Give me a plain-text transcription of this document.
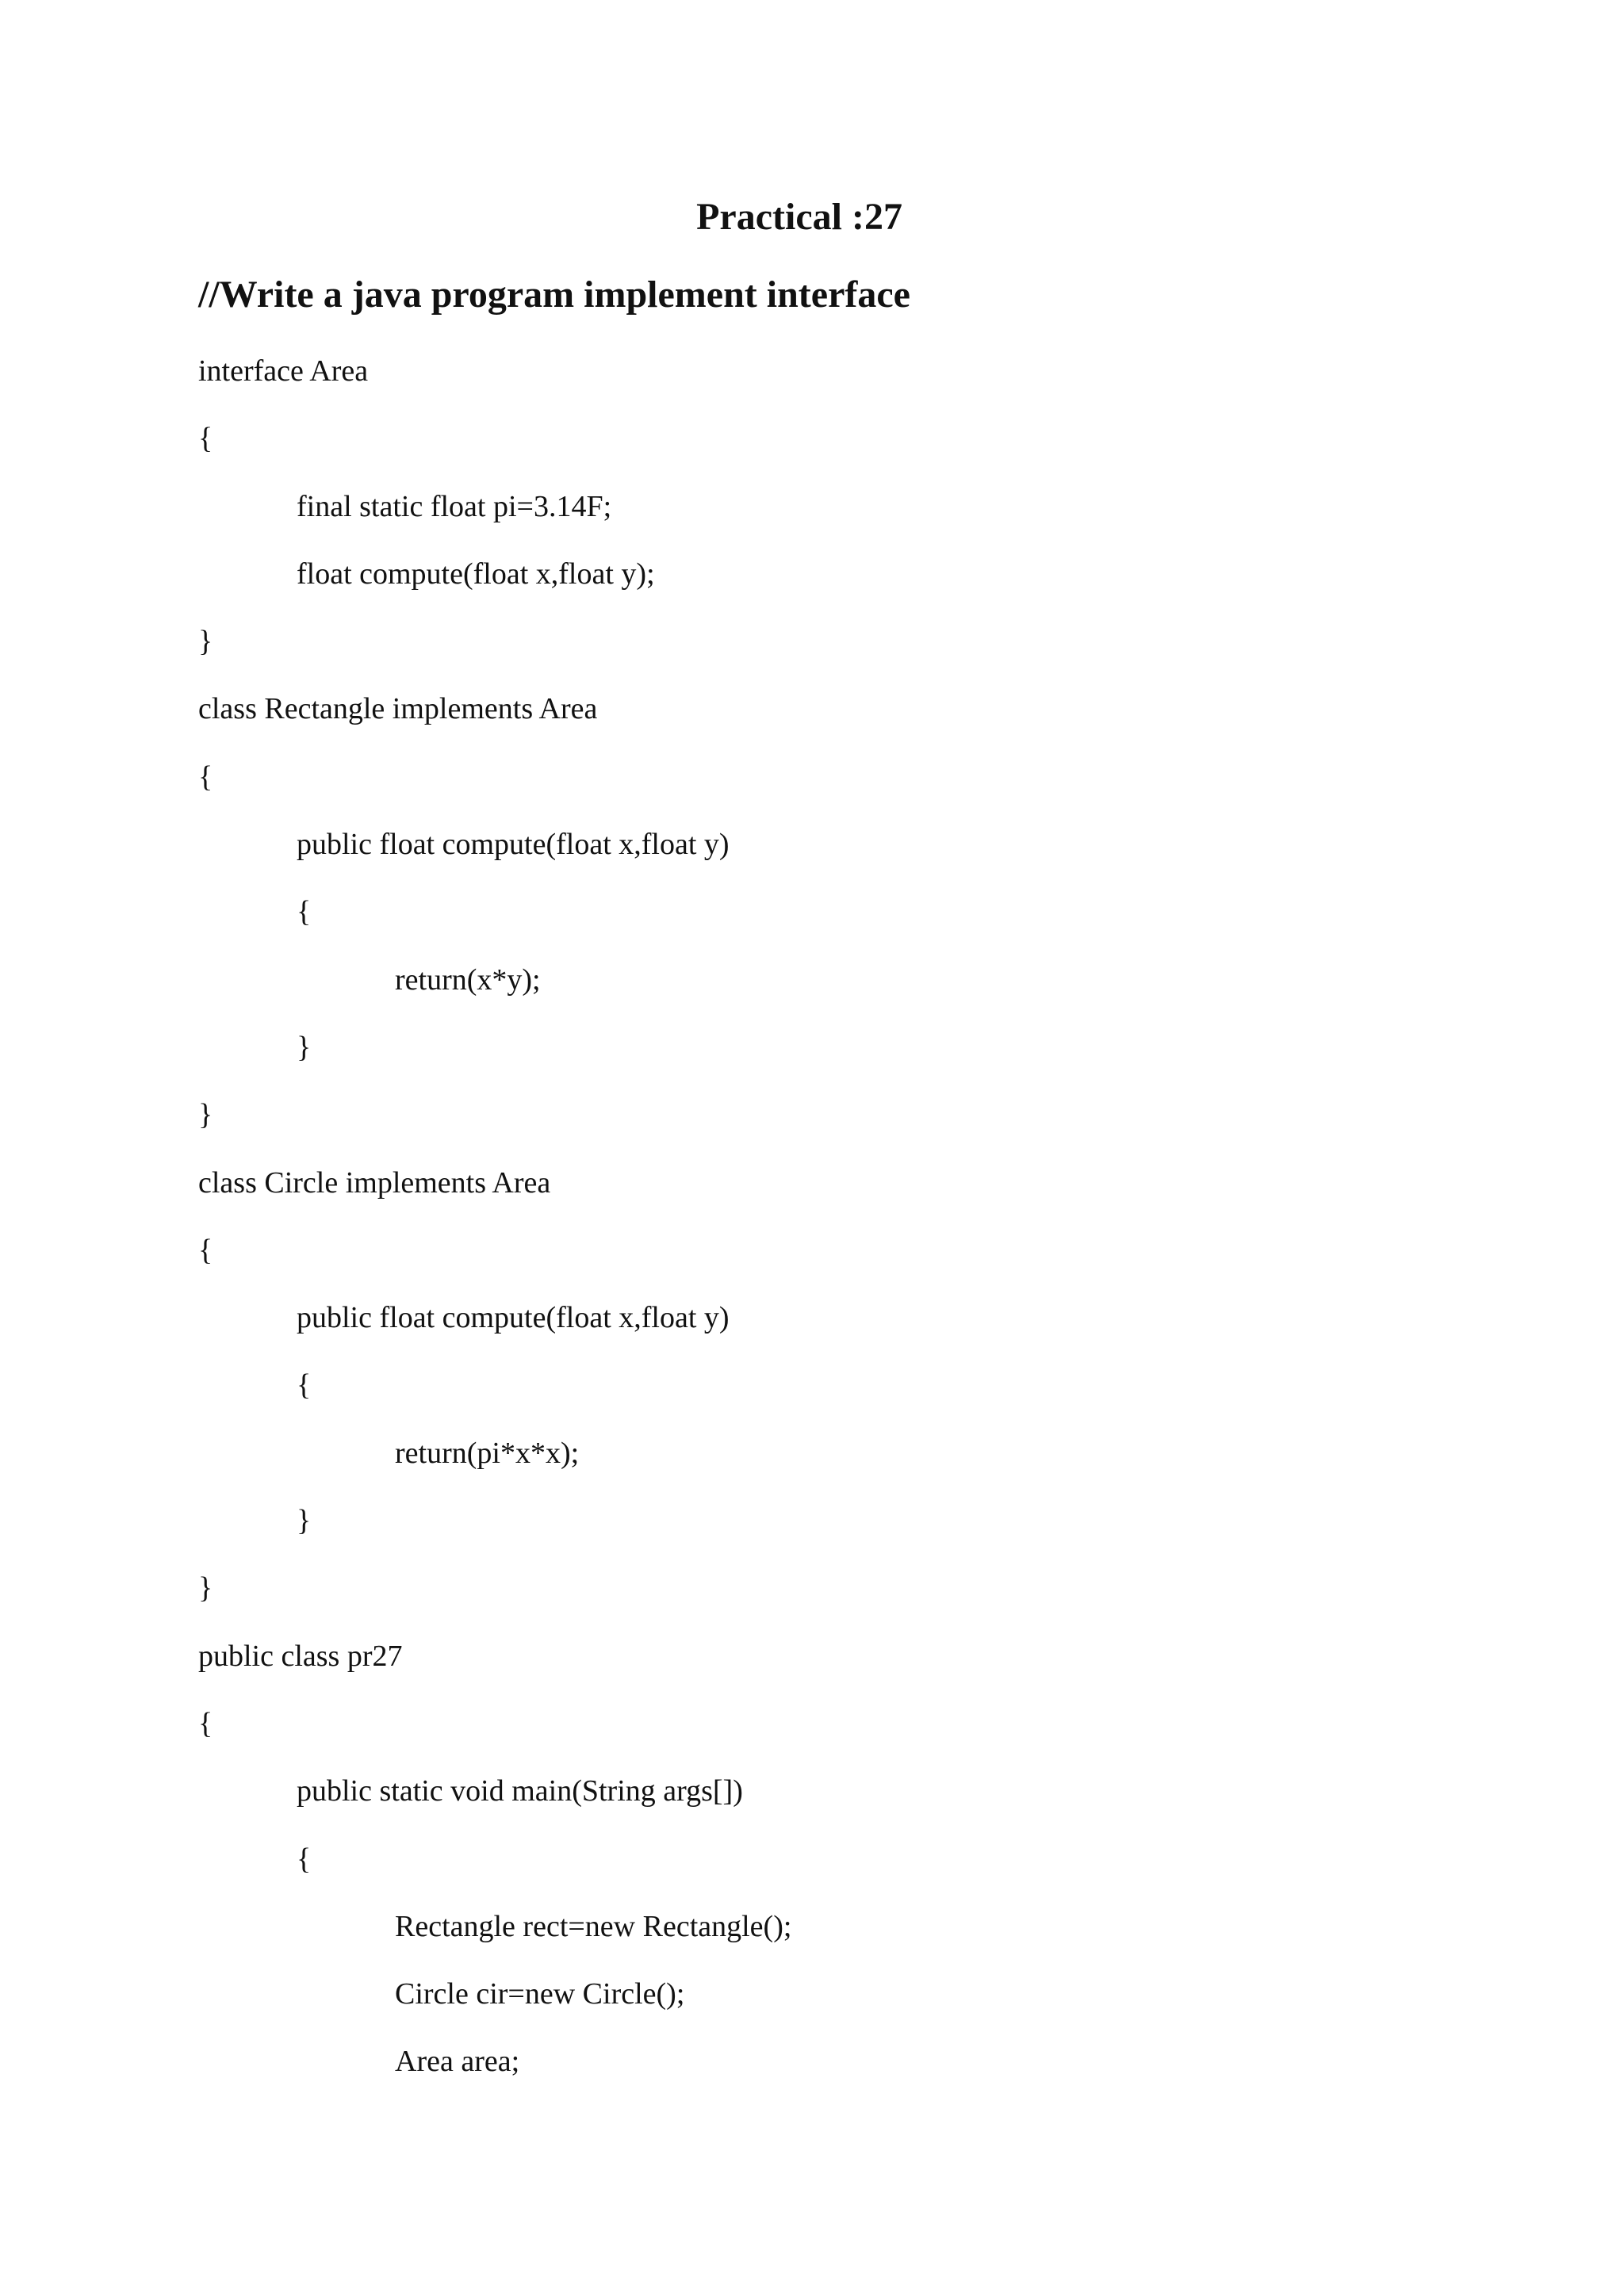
Practical :27
//Write a java program implement interface
interface Area
{
final static float pi=3.14F;
float compute(float x,float y);
}
class Rectangle implements Area
{
public float compute(float x,float y)
{
return(x*y);
}
}
class Circle implements Area
{
public float compute(float x,float y)
{
return(pi*x*x);
}
}
public class pr27
{
public static void main(String args[])
{
Rectangle rect=new Rectangle();
Circle cir=new Circle();
Area area;
